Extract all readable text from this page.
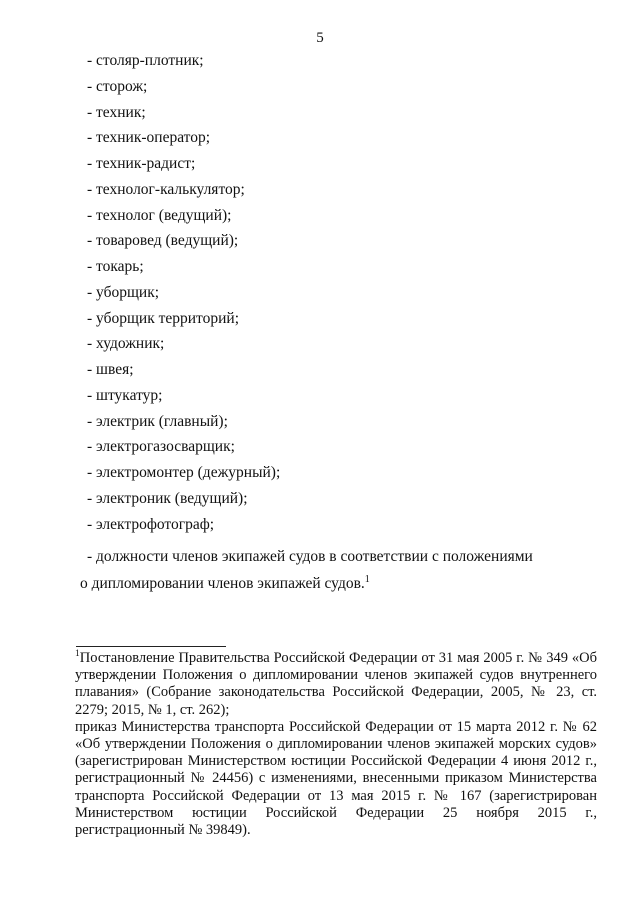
5
- столяр-плотник;
- сторож;
- техник;
- техник-оператор;
- техник-радист;
- технолог-калькулятор;
- технолог (ведущий);
- товаровед (ведущий);
- токарь;
- уборщик;
- уборщик территорий;
- художник;
- швея;
- штукатур;
- электрик (главный);
- электрогазосварщик;
- электромонтер (дежурный);
- электроник (ведущий);
- электрофотограф;
- должности членов экипажей судов в соответствии с положениями
о дипломировании членов экипажей судов.$^1$

$^1$Постановление Правительства Российской Федерации от 31 мая 2005 г. № 349 «Об утверждении Положения о дипломировании членов экипажей судов внутреннего плавания» (Собрание законодательства Российской Федерации, 2005, № 23, ст. 2279; 2015, № 1, ст. 262);

приказ Министерства транспорта Российской Федерации от 15 марта 2012 г. № 62 «Об утверждении Положения о дипломировании членов экипажей морских судов» (зарегистрирован Министерством юстиции Российской Федерации 4 июня 2012 г., регистрационный № 24456) с изменениями, внесенными приказом Министерства транспорта Российской Федерации от 13 мая 2015 г. № 167 (зарегистрирован Министерством юстиции Российской Федерации 25 ноября 2015 г., регистрационный № 39849).
